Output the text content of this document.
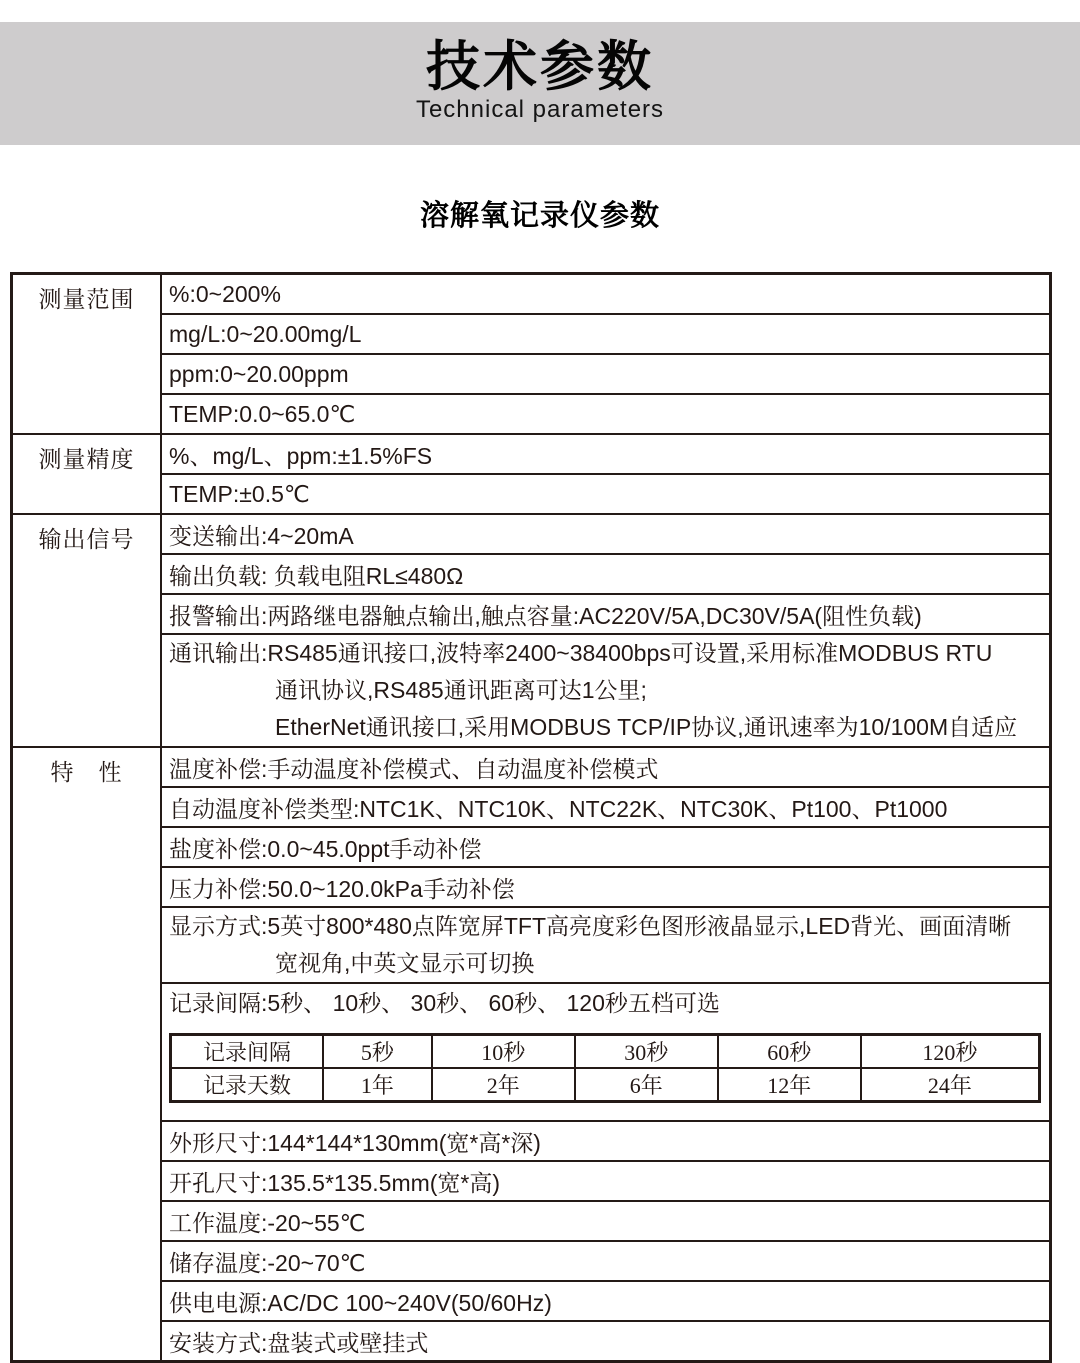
技术参数
Technical parameters
溶解氧记录仪参数
测量范围	%:0~200%
mg/L:0~20.00mg/L
ppm:0~20.00ppm
TEMP:0.0~65.0℃
测量精度	%、mg/L、ppm:±1.5%FS
TEMP:±0.5℃
输出信号	变送输出:4~20mA
输出负载: 负载电阻RL≤480Ω
报警输出:两路继电器触点输出,触点容量:AC220V/5A,DC30V/5A(阻性负载)

通讯输出:RS485通讯接口,波特率2400~38400bps可设置,采用标准MODBUS RTU
通讯协议,RS485通讯距离可达1公里;
EtherNet通讯接口,采用MODBUS TCP/IP协议,通讯速率为10/100M自适应

特　性	温度补偿:手动温度补偿模式、自动温度补偿模式
自动温度补偿类型:NTC1K、NTC10K、NTC22K、NTC30K、Pt100、Pt1000
盐度补偿:0.0~45.0ppt手动补偿
压力补偿:50.0~120.0kPa手动补偿

显示方式:5英寸800*480点阵宽屏TFT高亮度彩色图形液晶显示,LED背光、画面清晰
宽视角,中英文显示可切换

记录间隔:5秒、 10秒、 30秒、 60秒、 120秒五档可选
记录间隔	5秒	10秒	30秒	60秒	120秒
记录天数	1年	2年	6年	12年	24年

外形尺寸:144*144*130mm(宽*高*深)
开孔尺寸:135.5*135.5mm(宽*高)
工作温度:-20~55℃
储存温度:-20~70℃
供电电源:AC/DC 100~240V(50/60Hz)
安装方式:盘装式或壁挂式
